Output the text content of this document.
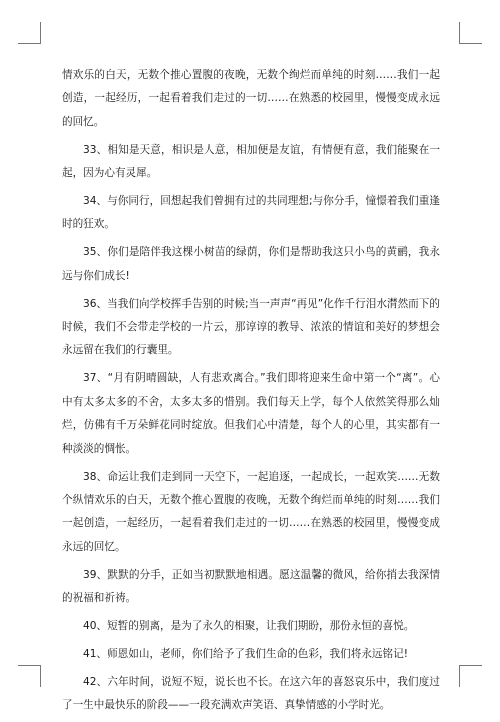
情欢乐的白天，无数个推心置腹的夜晚，无数个绚烂而单纯的时刻……我们一起创造，一起经历，一起看着我们走过的一切……在熟悉的校园里，慢慢变成永远的回忆。

33、相知是天意，相识是人意，相加便是友谊，有情便有意，我们能聚在一起，因为心有灵犀。

34、与你同行，回想起我们曾拥有过的共同理想;与你分手，憧憬着我们重逢时的狂欢。

35、你们是陪伴我这棵小树苗的绿荫，你们是帮助我这只小鸟的黄鹂，我永远与你们成长!

36、当我们向学校挥手告别的时候;当一声声“再见”化作千行泪水潸然而下的时候，我们不会带走学校的一片云，那谆谆的教导、浓浓的情谊和美好的梦想会永远留在我们的行囊里。

37、“月有阴晴圆缺，人有悲欢离合。”我们即将迎来生命中第一个“离”。心中有太多太多的不舍，太多太多的惜别。我们每天上学，每个人依然笑得那么灿烂，仿佛有千万朵鲜花同时绽放。但我们心中清楚，每个人的心里，其实都有一种淡淡的惆怅。

38、命运让我们走到同一天空下，一起追逐，一起成长，一起欢笑……无数个纵情欢乐的白天，无数个推心置腹的夜晚，无数个绚烂而单纯的时刻……我们一起创造，一起经历，一起看着我们走过的一切……在熟悉的校园里，慢慢变成永远的回忆。

39、默默的分手，正如当初默默地相遇。愿这温馨的微风，给你捎去我深情的祝福和祈祷。

40、短暂的别离，是为了永久的相聚，让我们期盼，那份永恒的喜悦。

41、师恩如山，老师，你们给予了我们生命的色彩，我们将永远铭记!

42、六年时间，说短不短，说长也不长。在这六年的喜怒哀乐中，我们度过了一生中最快乐的阶段——一段充满欢声笑语、真挚情感的小学时光。
